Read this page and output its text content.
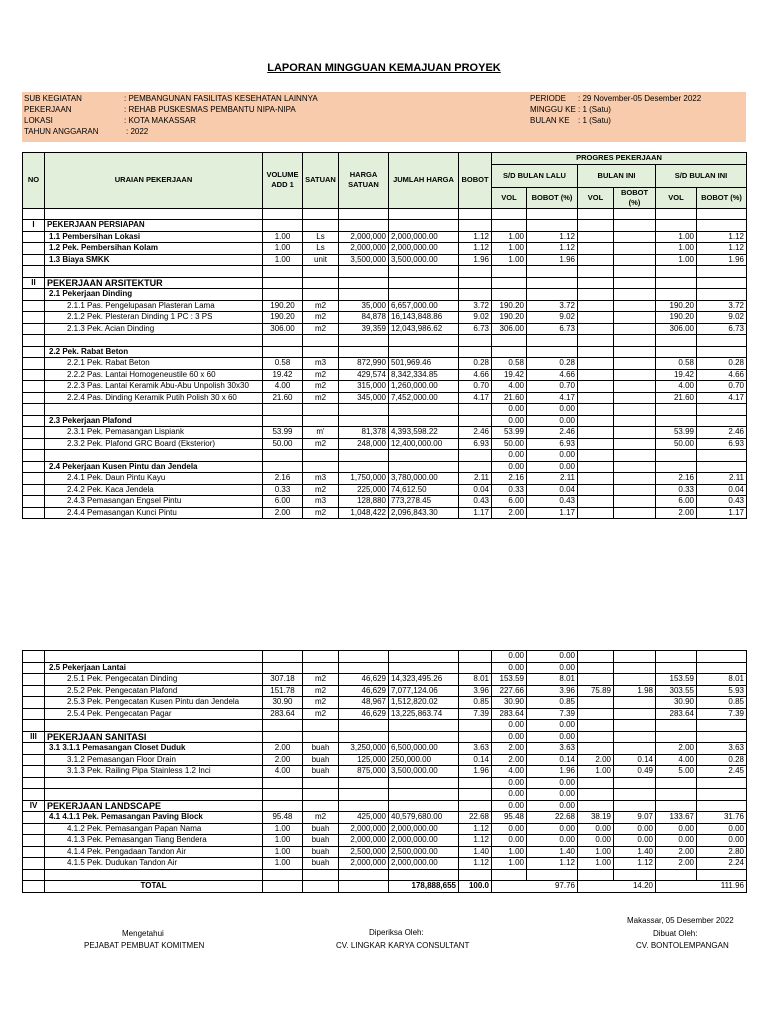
LAPORAN MINGGUAN KEMAJUAN PROYEK
SUB KEGIATAN	: PEMBANGUNAN FASILITAS KESEHATAN LAINNYA
PEKERJAAN	: REHAB PUSKESMAS PEMBANTU NIPA-NIPA
LOKASI	: KOTA MAKASSAR
TAHUN ANGGARAN	: 2022
PERIODE : 29 November-05 Desember 2022
MINGGU KE : 1 (Satu)
BULAN KE : 1 (Satu)
NO	URAIAN PEKERJAAN	VOLUME ADD 1	SATUAN	HARGA SATUAN	JUMLAH HARGA	BOBOT	PROGRES PEKERJAAN					
							S/D BULAN LALU		BULAN INI		S/D BULAN INI	
							VOL	BOBOT (%)	VOL	BOBOT (%)	VOL	BOBOT (%)

I	PEKERJAAN PERSIAPAN											
	1.1 Pembersihan Lokasi	1.00	Ls	2,000,000	2,000,000.00	1.12	1.00	1.12			1.00	1.12
	1.2 Pek. Pembersihan Kolam	1.00	Ls	2,000,000	2,000,000.00	1.12	1.00	1.12			1.00	1.12
	1.3 Biaya SMKK	1.00	unit	3,500,000	3,500,000.00	1.96	1.00	1.96			1.00	1.96

II	PEKERJAAN ARSITEKTUR											
	2.1 Pekerjaan Dinding											
	2.1.1 Pas. Pengelupasan Plasteran Lama	190.20	m2	35,000	6,657,000.00	3.72	190.20	3.72			190.20	3.72
	2.1.2 Pek. Plesteran Dinding 1 PC : 3 PS	190.20	m2	84,878	16,143,848.86	9.02	190.20	9.02			190.20	9.02
	2.1.3 Pek. Acian Dinding	306.00	m2	39,359	12,043,986.62	6.73	306.00	6.73			306.00	6.73

	2.2 Pek. Rabat Beton											
	2.2.1 Pek. Rabat Beton	0.58	m3	872,990	501,969.46	0.28	0.58	0.28			0.58	0.28
	2.2.2 Pas. Lantai Homogeneustile 60 x 60	19.42	m2	429,574	8,342,334.85	4.66	19.42	4.66			19.42	4.66
	2.2.3 Pas. Lantai Keramik Abu-Abu Unpolish 30x30	4.00	m2	315,000	1,260,000.00	0.70	4.00	0.70			4.00	0.70
	2.2.4 Pas. Dinding Keramik Putih Polish 30 x 60	21.60	m2	345,000	7,452,000.00	4.17	21.60	4.17			21.60	4.17
							0.00	0.00				
	2.3 Pekerjaan Plafond						0.00	0.00				
	2.3.1 Pek. Pemasangan Lispiank	53.99	m'	81,378	4,393,598.22	2.46	53.99	2.46			53.99	2.46
	2.3.2 Pek. Plafond GRC Board (Eksterior)	50.00	m2	248,000	12,400,000.00	6.93	50.00	6.93			50.00	6.93
							0.00	0.00				
	2.4 Pekerjaan Kusen Pintu dan Jendela						0.00	0.00				
	2.4.1 Pek. Daun Pintu Kayu	2.16	m3	1,750,000	3,780,000.00	2.11	2.16	2.11			2.16	2.11
	2.4.2 Pek. Kaca Jendela	0.33	m2	225,000	74,612.50	0.04	0.33	0.04			0.33	0.04
	2.4.3 Pemasangan Engsel Pintu	6.00	m3	128,880	773,278.45	0.43	6.00	0.43			6.00	0.43
	2.4.4 Pemasangan Kunci Pintu	2.00	m2	1,048,422	2,096,843.30	1.17	2.00	1.17			2.00	1.17
							0.00	0.00				
	2.5 Pekerjaan Lantai						0.00	0.00				
	2.5.1 Pek. Pengecatan Dinding	307.18	m2	46,629	14,323,495.26	8.01	153.59	8.01			153.59	8.01
	2.5.2 Pek. Pengecatan Plafond	151.78	m2	46,629	7,077,124.06	3.96	227.66	3.96	75.89	1.98	303.55	5.93
	2.5.3 Pek. Pengecatan Kusen Pintu dan Jendela	30.90	m2	48,967	1,512,820.02	0.85	30.90	0.85			30.90	0.85
	2.5.4 Pek. Pengecatan Pagar	283.64	m2	46,629	13,225,863.74	7.39	283.64	7.39			283.64	7.39
							0.00	0.00				
III	PEKERJAAN SANITASI						0.00	0.00				
	3.1 3.1.1 Pemasangan Closet Duduk	2.00	buah	3,250,000	6,500,000.00	3.63	2.00	3.63			2.00	3.63
	3.1.2 Pemasangan Floor Drain	2.00	buah	125,000	250,000.00	0.14	2.00	0.14	2.00	0.14	4.00	0.28
	3.1.3 Pek. Railing Pipa Stainless 1.2 Inci	4.00	buah	875,000	3,500,000.00	1.96	4.00	1.96	1.00	0.49	5.00	2.45
							0.00	0.00				
							0.00	0.00				
IV	PEKERJAAN LANDSCAPE						0.00	0.00				
	4.1 4.1.1 Pek. Pemasangan Paving Block	95.48	m2	425,000	40,579,680.00	22.68	95.48	22.68	38.19	9.07	133.67	31.76
	4.1.2 Pek. Pemasangan Papan Nama	1.00	buah	2,000,000	2,000,000.00	1.12	0.00	0.00	0.00	0.00	0.00	0.00
	4.1.3 Pek. Pemasangan Tiang Bendera	1.00	buah	2,000,000	2,000,000.00	1.12	0.00	0.00	0.00	0.00	0.00	0.00
	4.1.4 Pek. Pengadaan Tandon Air	1.00	buah	2,500,000	2,500,000.00	1.40	1.00	1.40	1.00	1.40	2.00	2.80
	4.1.5 Pek. Dudukan Tandon Air	1.00	buah	2,000,000	2,000,000.00	1.12	1.00	1.12	1.00	1.12	2.00	2.24

	TOTAL				178,888,655	100.0	97.76		14.20		111.96	
Makassar, 05 Desember 2022
Mengetahui	Diperiksa Oleh:	Dibuat Oleh:
PEJABAT PEMBUAT KOMITMEN	CV. LINGKAR KARYA CONSULTANT	CV. BONTOLEMPANGAN
